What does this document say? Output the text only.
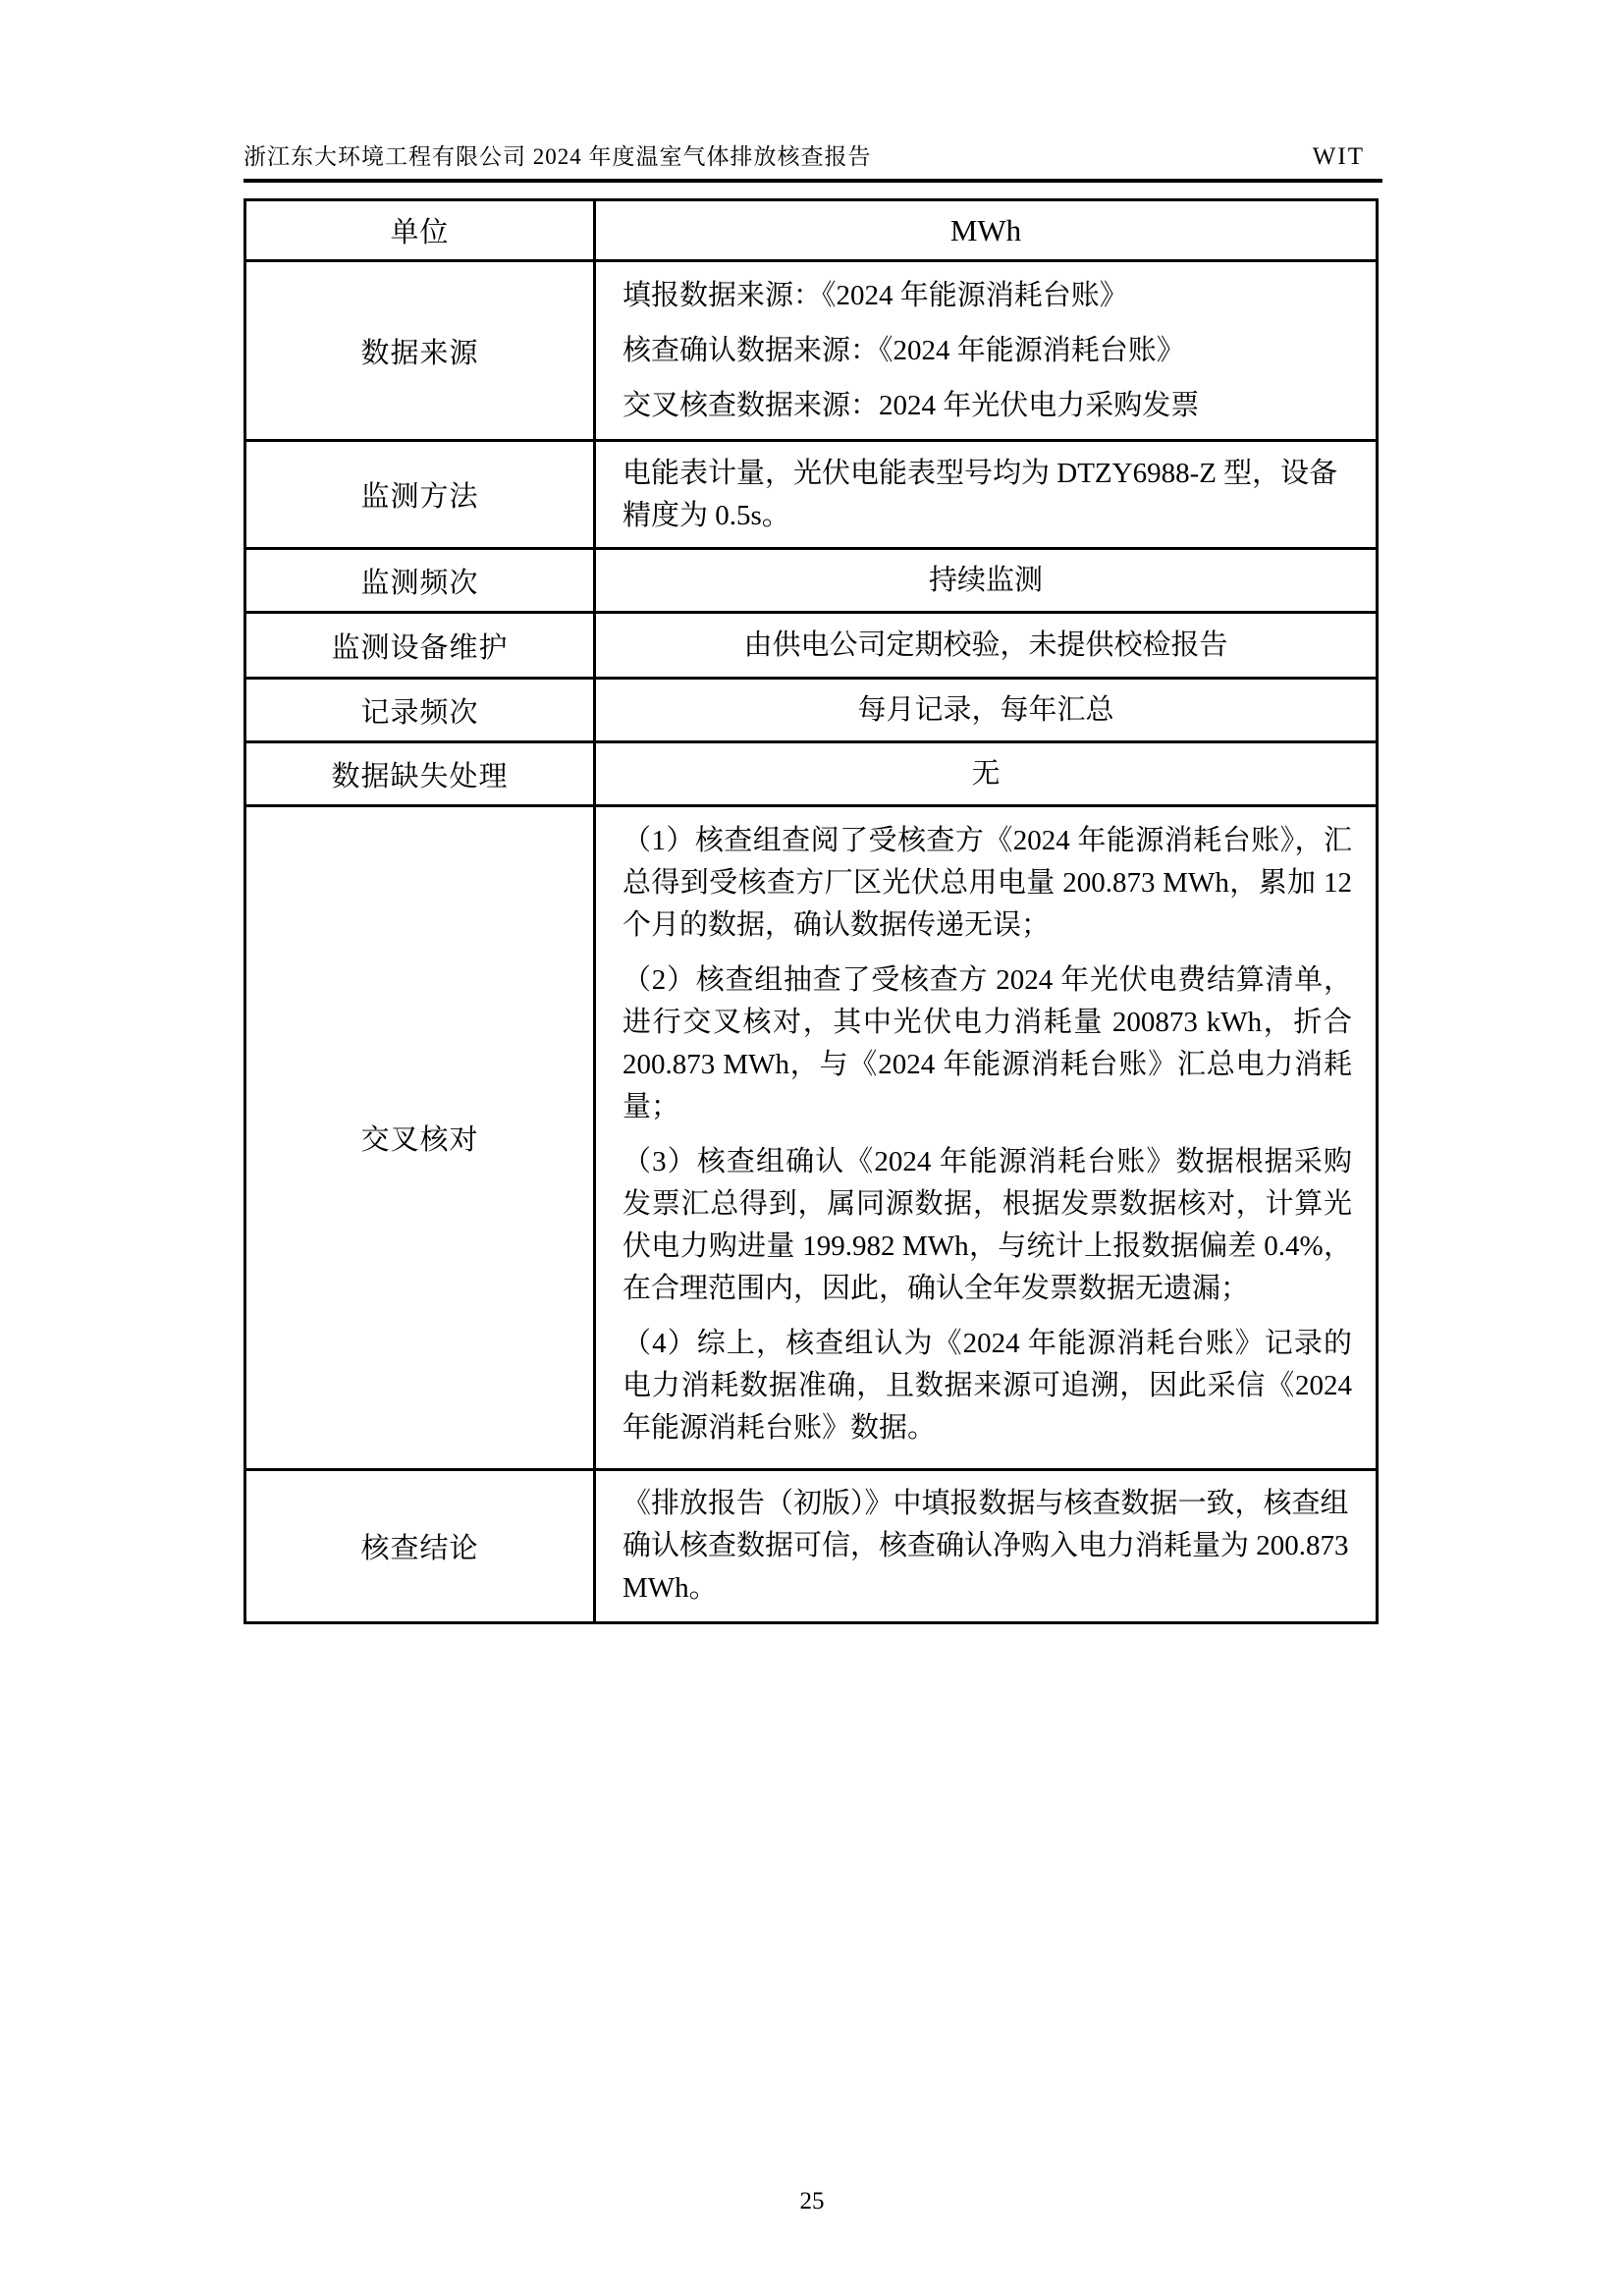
浙江东大环境工程有限公司 2024 年度温室气体排放核查报告	WIT
单位	MWh
数据来源	填报数据来源：《2024 年能源消耗台账》

核查确认数据来源：《2024 年能源消耗台账》

交叉核查数据来源：2024 年光伏电力采购发票

监测方法	电能表计量，光伏电能表型号均为 DTZY6988-Z 型，设备精度为 0.5s。
监测频次	持续监测
监测设备维护	由供电公司定期校验，未提供校检报告
记录频次	每月记录，每年汇总
数据缺失处理	无
交叉核对	（1）核查组查阅了受核查方《2024 年能源消耗台账》，汇总得到受核查方厂区光伏总用电量 200.873 MWh，累加 12 个月的数据，确认数据传递无误；

（2）核查组抽查了受核查方 2024 年光伏电费结算清单，进行交叉核对，其中光伏电力消耗量 200873 kWh，折合 200.873 MWh，与《2024 年能源消耗台账》汇总电力消耗量；

（3）核查组确认《2024 年能源消耗台账》数据根据采购发票汇总得到，属同源数据，根据发票数据核对，计算光伏电力购进量 199.982 MWh，与统计上报数据偏差 0.4%，在合理范围内，因此，确认全年发票数据无遗漏；

（4）综上，核查组认为《2024 年能源消耗台账》记录的电力消耗数据准确，且数据来源可追溯，因此采信《2024 年能源消耗台账》数据。

核查结论	《排放报告（初版）》中填报数据与核查数据一致，核查组确认核查数据可信，核查确认净购入电力消耗量为 200.873 MWh。
25
